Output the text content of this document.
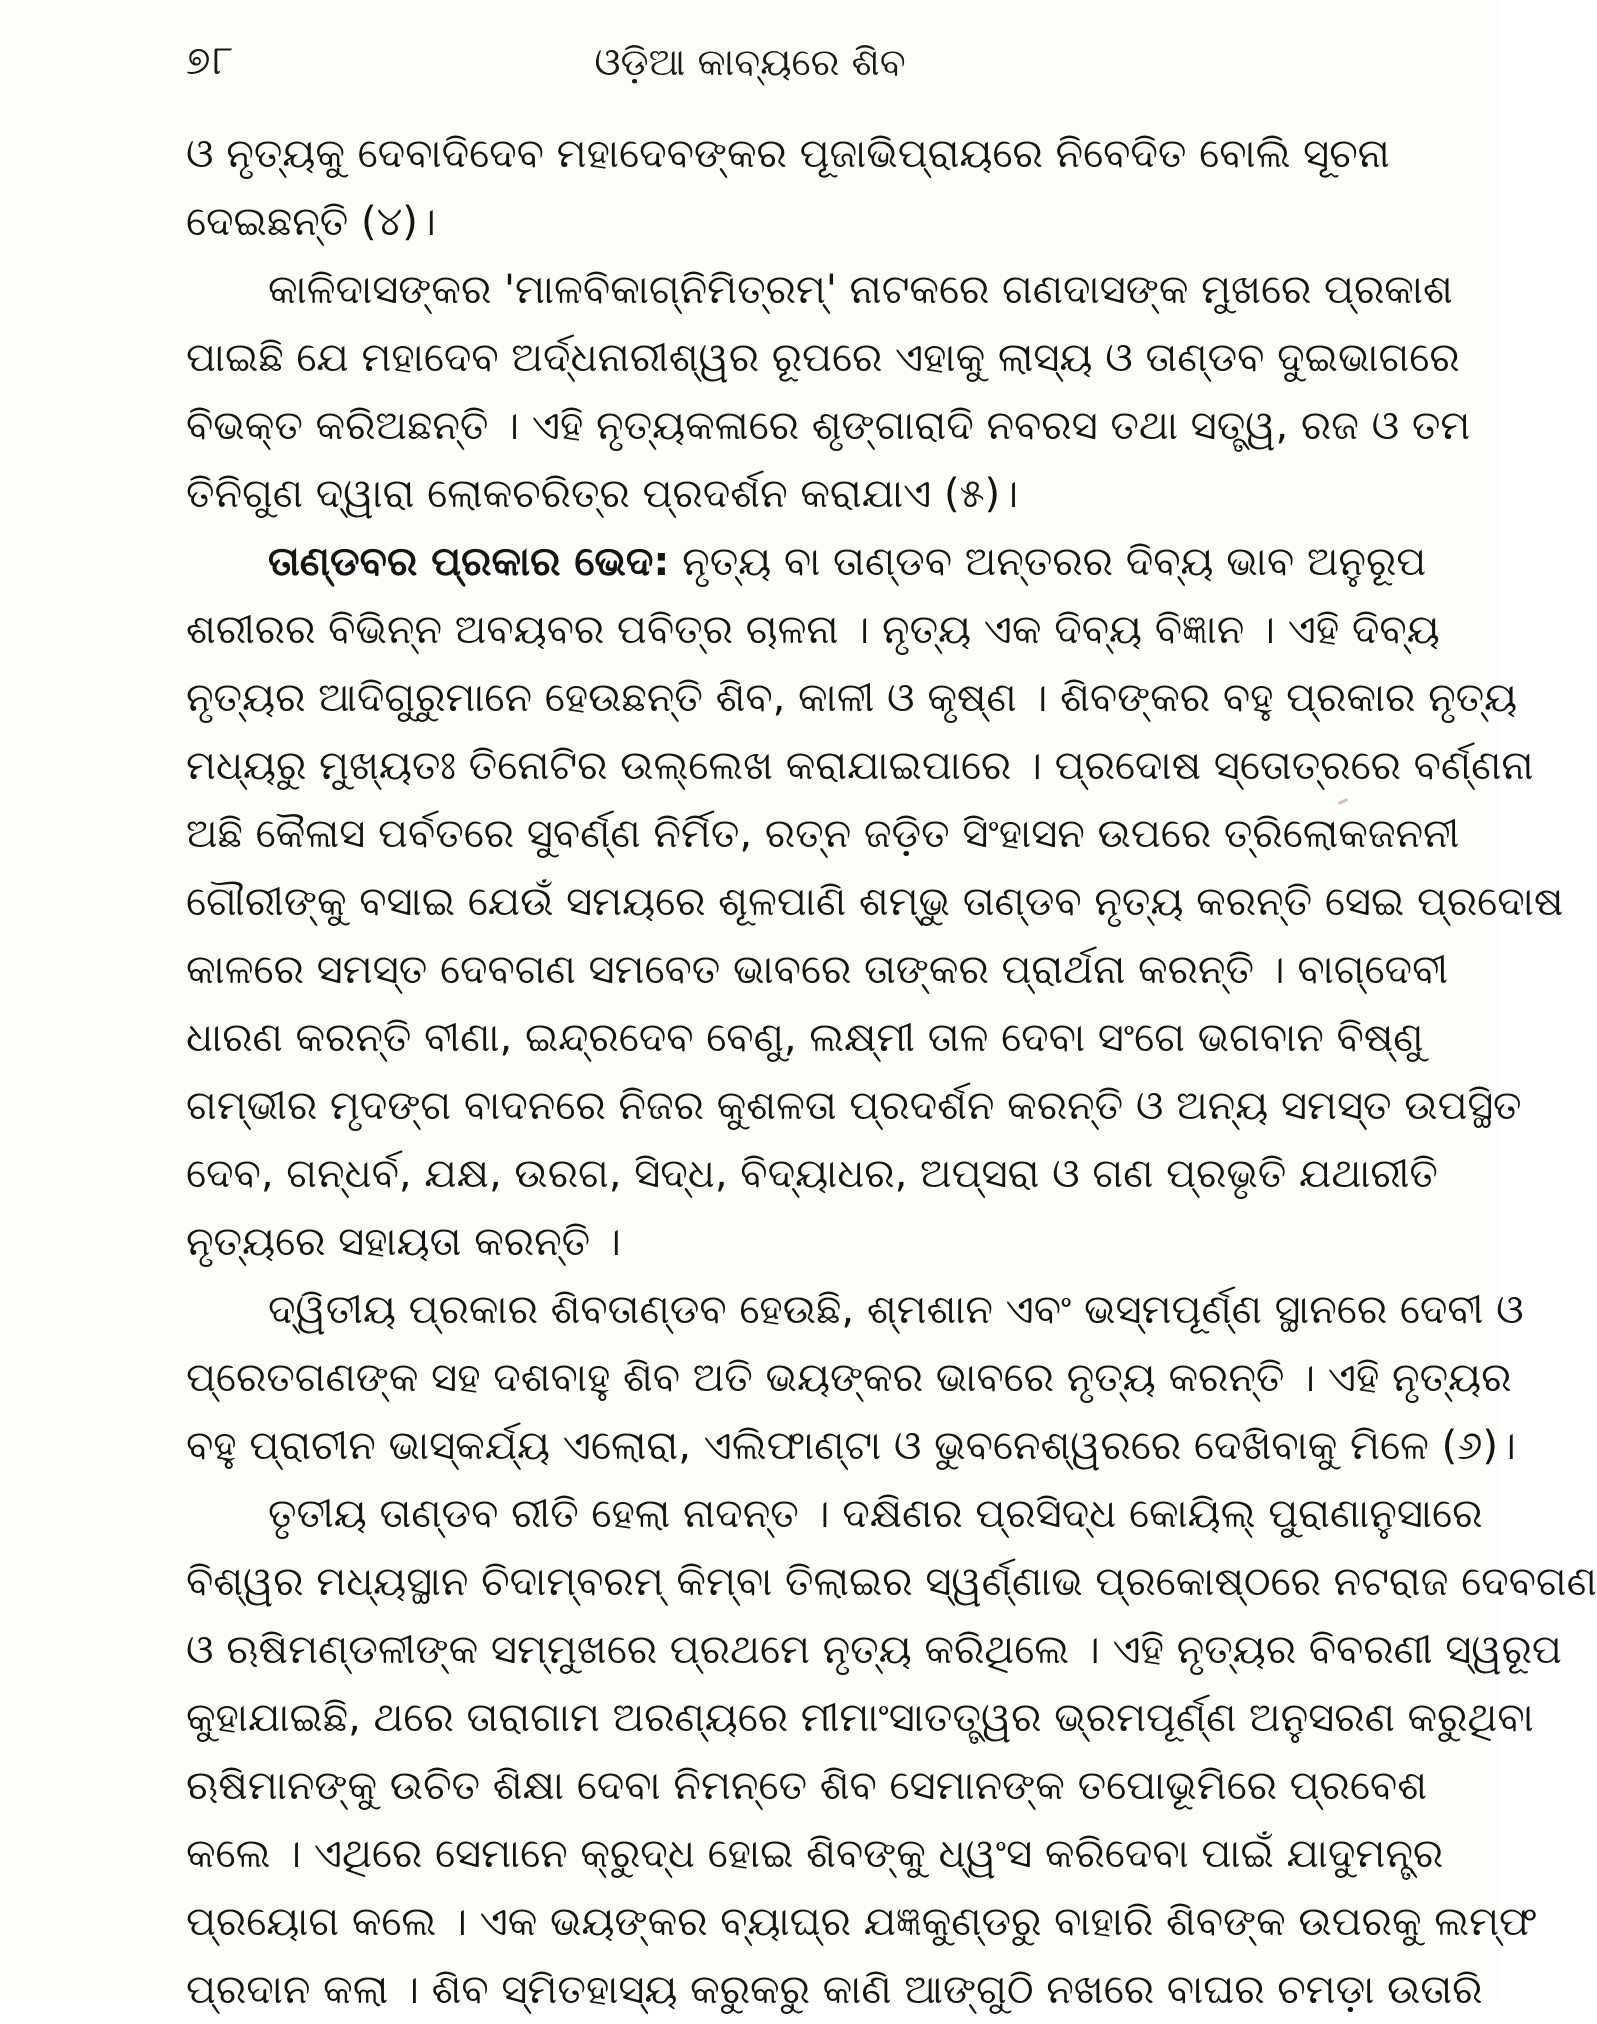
୭୮	ଓଡ଼ିଆ କାବ୍ୟରେ ଶିବ
ଓ ନୃତ୍ୟକୁ ଦେବାଦିଦେବ ମହାଦେବଙ୍କର ପୂଜାଭିପ୍ରାୟରେ ନିବେଦିତ ବୋଲି ସୂଚନା
ଦେଇଛନ୍ତି (୪)।
କାଳିଦାସଙ୍କର 'ମାଳବିକାଗ୍ନିମିତ୍ରମ୍' ନାଟକରେ ଗଣଦାସଙ୍କ ମୁଖରେ ପ୍ରକାଶ
ପାଇଛି ଯେ ମହାଦେବ ଅର୍ଦ୍ଧନାରୀଶ୍ୱର ରୂପରେ ଏହାକୁ ଲାସ୍ୟ ଓ ତାଣ୍ଡବ ଦୁଇଭାଗରେ
ବିଭକ୍ତ କରିଅଛନ୍ତି । ଏହି ନୃତ୍ୟକଳାରେ ଶୃଙ୍ଗାରାଦି ନବରସ ତଥା ସତ୍ତ୍ୱ, ରଜ ଓ ତମ
ତିନିଗୁଣ ଦ୍ୱାରା ଲୋକଚରିତ୍ର ପ୍ରଦର୍ଶନ କରାଯାଏ (୫)।
ତାଣ୍ଡବର ପ୍ରକାର ଭେଦ: ନୃତ୍ୟ ବା ତାଣ୍ଡବ ଅନ୍ତରର ଦିବ୍ୟ ଭାବ ଅନୁରୂପ
ଶରୀରର ବିଭିନ୍ନ ଅବୟବର ପବିତ୍ର ଚାଳନା । ନୃତ୍ୟ ଏକ ଦିବ୍ୟ ବିଜ୍ଞାନ । ଏହି ଦିବ୍ୟ
ନୃତ୍ୟର ଆଦିଗୁରୁମାନେ ହେଉଛନ୍ତି ଶିବ, କାଳୀ ଓ କୃଷ୍ଣ । ଶିବଙ୍କର ବହୁ ପ୍ରକାର ନୃତ୍ୟ
ମଧ୍ୟରୁ ମୁଖ୍ୟତଃ ତିନୋଟିର ଉଲ୍ଲେଖ କରାଯାଇପାରେ । ପ୍ରଦୋଷ ସ୍ତୋତ୍ରରେ ବର୍ଣ୍ଣନା
ଅଛି କୈଳାସ ପର୍ବତରେ ସୁବର୍ଣ୍ଣ ନିର୍ମିତ, ରତ୍ନ ଜଡ଼ିତ ସିଂହାସନ ଉପରେ ତ୍ରିଲୋକଜନନୀ
ଗୌରୀଙ୍କୁ ବସାଇ ଯେଉଁ ସମୟରେ ଶୂଳପାଣି ଶମ୍ଭୁ ତାଣ୍ଡବ ନୃତ୍ୟ କରନ୍ତି ସେଇ ପ୍ରଦୋଷ
କାଳରେ ସମସ୍ତ ଦେବଗଣ ସମବେତ ଭାବରେ ତାଙ୍କର ପ୍ରାର୍ଥନା କରନ୍ତି । ବାଗ୍‌ଦେବୀ
ଧାରଣ କରନ୍ତି ବୀଣା, ଇନ୍ଦ୍ରଦେବ ବେଣୁ, ଲକ୍ଷ୍ମୀ ତାଳ ଦେବା ସଂଗେ ଭଗବାନ ବିଷ୍ଣୁ
ଗମ୍ଭୀର ମୃଦଙ୍ଗ ବାଦନରେ ନିଜର କୁଶଳତା ପ୍ରଦର୍ଶନ କରନ୍ତି ଓ ଅନ୍ୟ ସମସ୍ତ ଉପସ୍ଥିତ
ଦେବ, ଗନ୍ଧର୍ବ, ଯକ୍ଷ, ଉରଗ, ସିଦ୍ଧ, ବିଦ୍ୟାଧର, ଅପ୍‌ସରା ଓ ଗଣ ପ୍ରଭୃତି ଯଥାରୀତି
ନୃତ୍ୟରେ ସହାୟତା କରନ୍ତି ।
ଦ୍ୱିତୀୟ ପ୍ରକାର ଶିବତାଣ୍ଡବ ହେଉଛି, ଶ୍ମଶାନ ଏବଂ ଭସ୍ମପୂର୍ଣ୍ଣ ସ୍ଥାନରେ ଦେବୀ ଓ
ପ୍ରେତଗଣଙ୍କ ସହ ଦଶବାହୁ ଶିବ ଅତି ଭୟଙ୍କର ଭାବରେ ନୃତ୍ୟ କରନ୍ତି । ଏହି ନୃତ୍ୟର
ବହୁ ପ୍ରାଚୀନ ଭାସ୍କର୍ଯ୍ୟ ଏଲୋରା, ଏଲିଫାଣ୍ଟା ଓ ଭୁବନେଶ୍ୱରରେ ଦେଖିବାକୁ ମିଳେ (୬)।
ତୃତୀୟ ତାଣ୍ଡବ ରୀତି ହେଲା ନାଦନ୍ତ । ଦକ୍ଷିଣର ପ୍ରସିଦ୍ଧ କୋୟିଲ୍ ପୁରାଣାନୁସାରେ
ବିଶ୍ୱର ମଧ୍ୟସ୍ଥାନ ଚିଦାମ୍ବରମ୍ କିମ୍ବା ତିଲାଇର ସ୍ୱର୍ଣ୍ଣାଭ ପ୍ରକୋଷ୍ଠରେ ନଟରାଜ ଦେବଗଣ
ଓ ଋଷିମଣ୍ଡଳୀଙ୍କ ସମ୍ମୁଖରେ ପ୍ରଥମେ ନୃତ୍ୟ କରିଥିଲେ । ଏହି ନୃତ୍ୟର ବିବରଣୀ ସ୍ୱରୂପ
କୁହାଯାଇଛି, ଥରେ ତାରାଗାମ ଅରଣ୍ୟରେ ମୀମାଂସାତତ୍ତ୍ୱର ଭ୍ରମପୂର୍ଣ୍ଣ ଅନୁସରଣ କରୁଥିବା
ଋଷିମାନଙ୍କୁ ଉଚିତ ଶିକ୍ଷା ଦେବା ନିମନ୍ତେ ଶିବ ସେମାନଙ୍କ ତପୋଭୂମିରେ ପ୍ରବେଶ
କଲେ । ଏଥିରେ ସେମାନେ କ୍ରୁଦ୍ଧ ହୋଇ ଶିବଙ୍କୁ ଧ୍ୱଂସ କରିଦେବା ପାଇଁ ଯାଦୁମନ୍ତ୍ର
ପ୍ରୟୋଗ କଲେ । ଏକ ଭୟଙ୍କର ବ୍ୟାଘ୍ର ଯଜ୍ଞକୁଣ୍ଡରୁ ବାହାରି ଶିବଙ୍କ ଉପରକୁ ଲମ୍ଫ
ପ୍ରଦାନ କଲା । ଶିବ ସ୍ମିତହାସ୍ୟ କରୁକରୁ କାଣି ଆଙ୍ଗୁଠି ନଖରେ ବାଘର ଚମଡ଼ା ଉତାରି
